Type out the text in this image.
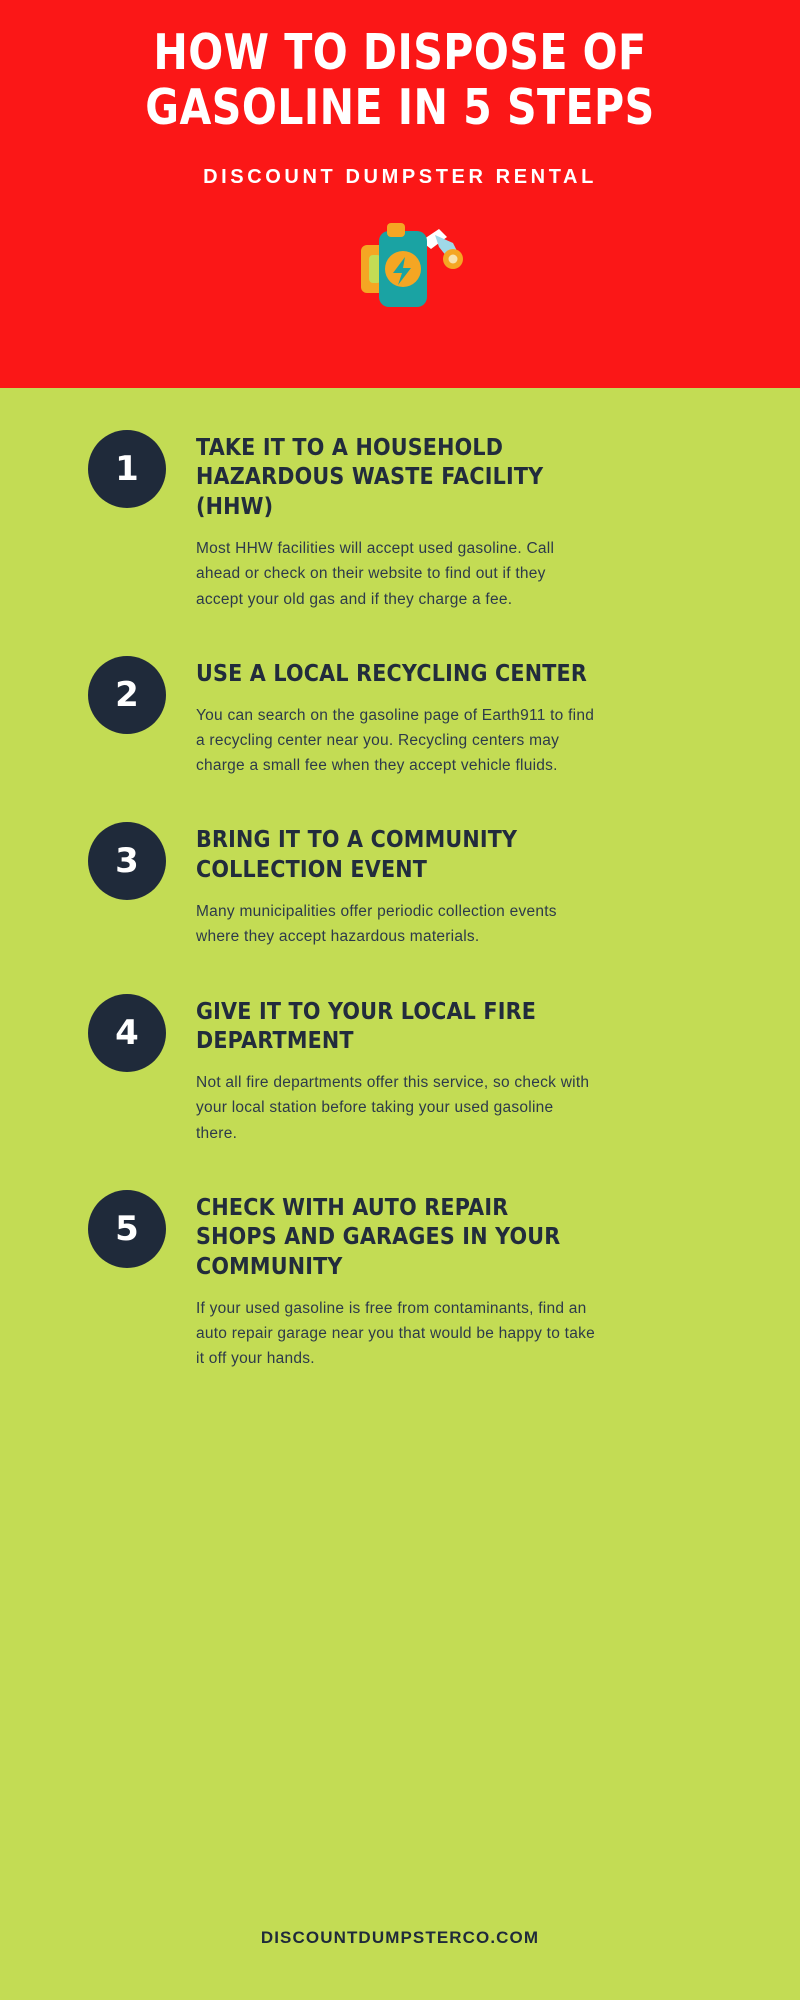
HOW TO DISPOSE OF GASOLINE IN 5 STEPS
DISCOUNT DUMPSTER RENTAL
1
TAKE IT TO A HOUSEHOLD HAZARDOUS WASTE FACILITY (HHW)

Most HHW facilities will accept used gasoline. Call ahead or check on their website to find out if they accept your old gas and if they charge a fee.

2
USE A LOCAL RECYCLING CENTER

You can search on the gasoline page of Earth911 to find a recycling center near you. Recycling centers may charge a small fee when they accept vehicle fluids.

3
BRING IT TO A COMMUNITY COLLECTION EVENT

Many municipalities offer periodic collection events where they accept hazardous materials.

4
GIVE IT TO YOUR LOCAL FIRE DEPARTMENT

Not all fire departments offer this service, so check with your local station before taking your used gasoline there.

5
CHECK WITH AUTO REPAIR SHOPS AND GARAGES IN YOUR COMMUNITY

If your used gasoline is free from contaminants, find an auto repair garage near you that would be happy to take it off your hands.

DISCOUNTDUMPSTERCO.COM
